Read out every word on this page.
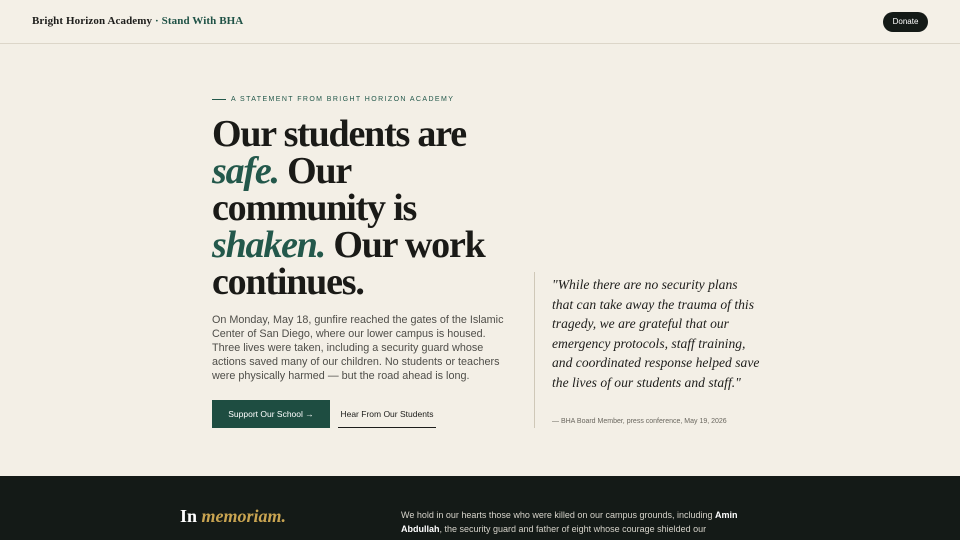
Bright Horizon Academy · Stand With BHA	Donate
A STATEMENT FROM BRIGHT HORIZON ACADEMY
Our students are safe. Our community is shaken. Our work continues.

On Monday, May 18, gunfire reached the gates of the Islamic Center of San Diego, where our lower campus is housed. Three lives were taken, including a security guard whose actions saved many of our children. No students or teachers were physically harmed — but the road ahead is long.

Support Our School →	Hear From Our Students

"While there are no security plans that can take away the trauma of this tragedy, we are grateful that our emergency protocols, staff training, and coordinated response helped save the lives of our students and staff."

— BHA Board Member, press conference, May 19, 2026

In memoriam.	We hold in our hearts those who were killed on our campus grounds, including Amin Abdullah, the security guard and father of eight whose courage shielded our
